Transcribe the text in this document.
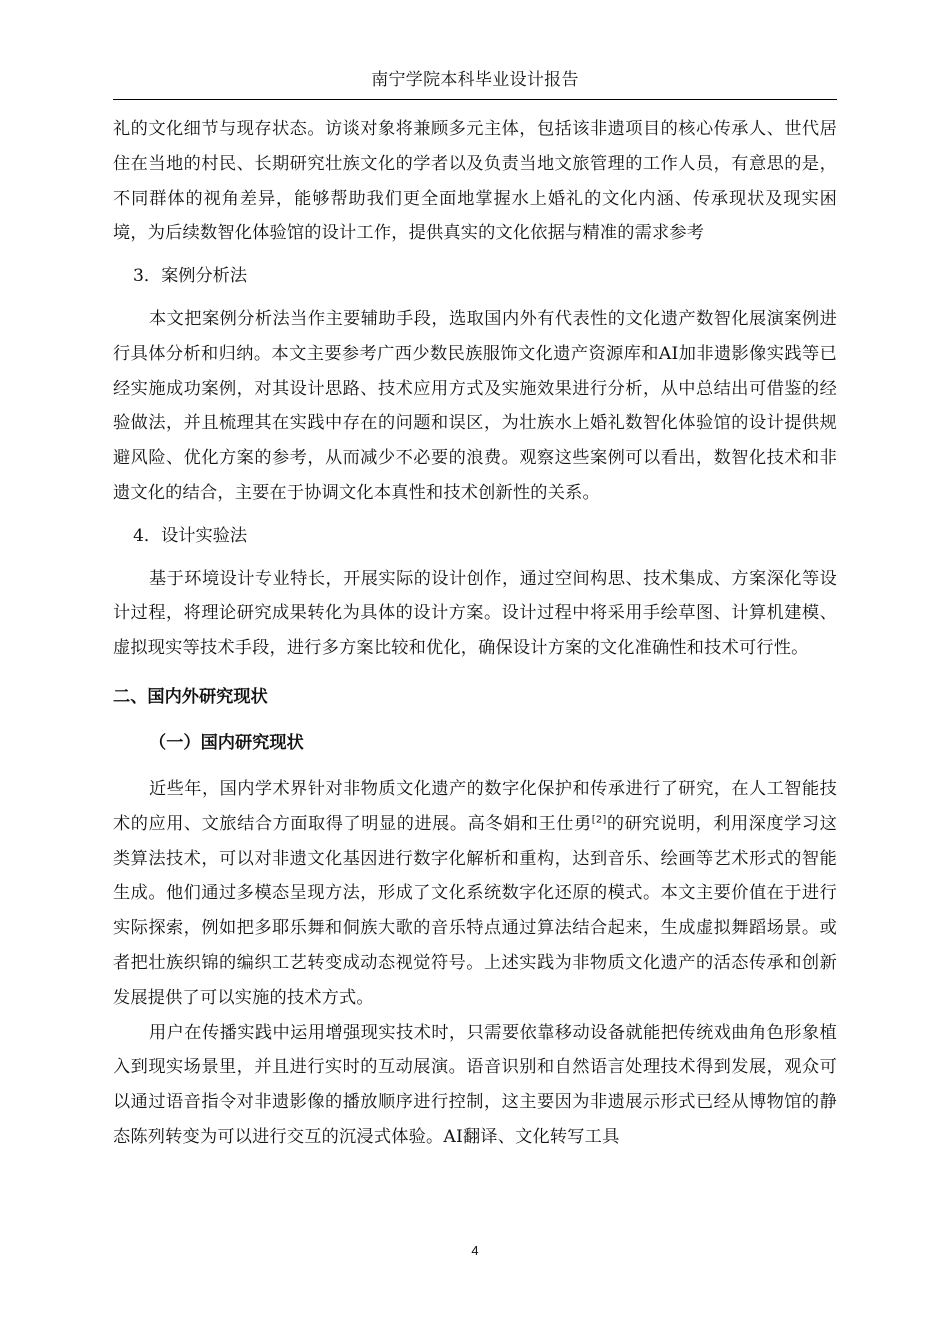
南宁学院本科毕业设计报告

礼的文化细节与现存状态。访谈对象将兼顾多元主体，包括该非遗项目的核心传承人、世代居住在当地的村民、长期研究壮族文化的学者以及负责当地文旅管理的工作人员，有意思的是，不同群体的视角差异，能够帮助我们更全面地掌握水上婚礼的文化内涵、传承现状及现实困境，为后续数智化体验馆的设计工作，提供真实的文化依据与精准的需求参考

3．案例分析法

本文把案例分析法当作主要辅助手段，选取国内外有代表性的文化遗产数智化展演案例进行具体分析和归纳。本文主要参考广西少数民族服饰文化遗产资源库和AI加非遗影像实践等已经实施成功案例，对其设计思路、技术应用方式及实施效果进行分析，从中总结出可借鉴的经验做法，并且梳理其在实践中存在的问题和误区，为壮族水上婚礼数智化体验馆的设计提供规避风险、优化方案的参考，从而减少不必要的浪费。观察这些案例可以看出，数智化技术和非遗文化的结合，主要在于协调文化本真性和技术创新性的关系。

4．设计实验法

基于环境设计专业特长，开展实际的设计创作，通过空间构思、技术集成、方案深化等设计过程，将理论研究成果转化为具体的设计方案。设计过程中将采用手绘草图、计算机建模、虚拟现实等技术手段，进行多方案比较和优化，确保设计方案的文化准确性和技术可行性。

二、国内外研究现状

（一）国内研究现状

近些年，国内学术界针对非物质文化遗产的数字化保护和传承进行了研究，在人工智能技术的应用、文旅结合方面取得了明显的进展。高冬娟和王仕勇[2]的研究说明，利用深度学习这类算法技术，可以对非遗文化基因进行数字化解析和重构，达到音乐、绘画等艺术形式的智能生成。他们通过多模态呈现方法，形成了文化系统数字化还原的模式。本文主要价值在于进行实际探索，例如把多耶乐舞和侗族大歌的音乐特点通过算法结合起来，生成虚拟舞蹈场景。或者把壮族织锦的编织工艺转变成动态视觉符号。上述实践为非物质文化遗产的活态传承和创新发展提供了可以实施的技术方式。

用户在传播实践中运用增强现实技术时，只需要依靠移动设备就能把传统戏曲角色形象植入到现实场景里，并且进行实时的互动展演。语音识别和自然语言处理技术得到发展，观众可以通过语音指令对非遗影像的播放顺序进行控制，这主要因为非遗展示形式已经从博物馆的静态陈列转变为可以进行交互的沉浸式体验。AI翻译、文化转写工具

4
